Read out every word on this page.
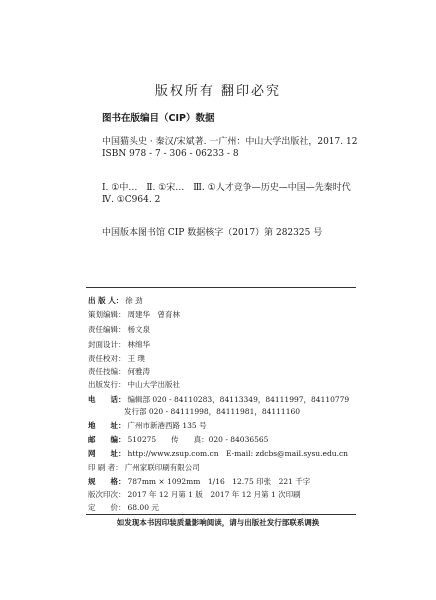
版权所有 翻印必究
图书在版编目（CIP）数据
中国猫头史 · 秦汉/宋斌著. 一广州：中山大学出版社，2017. 12
ISBN 978 - 7 - 306 - 06233 - 8
Ⅰ. ①中…　Ⅱ. ①宋…　Ⅲ. ①人才竞争—历史—中国—先秦时代
Ⅳ. ①C964. 2
中国版本图书馆 CIP 数据核字（2017）第 282325 号
出 版 人： 徐 劲
策划编辑： 周建华　曾育林
责任编辑： 杨文泉
封面设计： 林绵华
责任校对： 王 璞
责任技编： 何雅涛
出版发行： 中山大学出版社
电　　话： 编辑部 020 - 84110283，84113349，84111997，84110779
发行部 020 - 84111998，84111981，84111160
地　　址： 广州市新港西路 135 号
邮　　编： 510275　　传　　真：020 - 84036565
网　　址： http://www.zsup.com.cn　E-mail: zdcbs@mail.sysu.edu.cn
印 刷 者： 广州家联印刷有限公司
规　　格： 787mm × 1092mm　1/16　12.75 印张　221 千字
版次印次： 2017 年 12 月第 1 版　2017 年 12 月第 1 次印刷
定　　价： 68.00 元
如发现本书因印装质量影响阅读，请与出版社发行部联系调换
